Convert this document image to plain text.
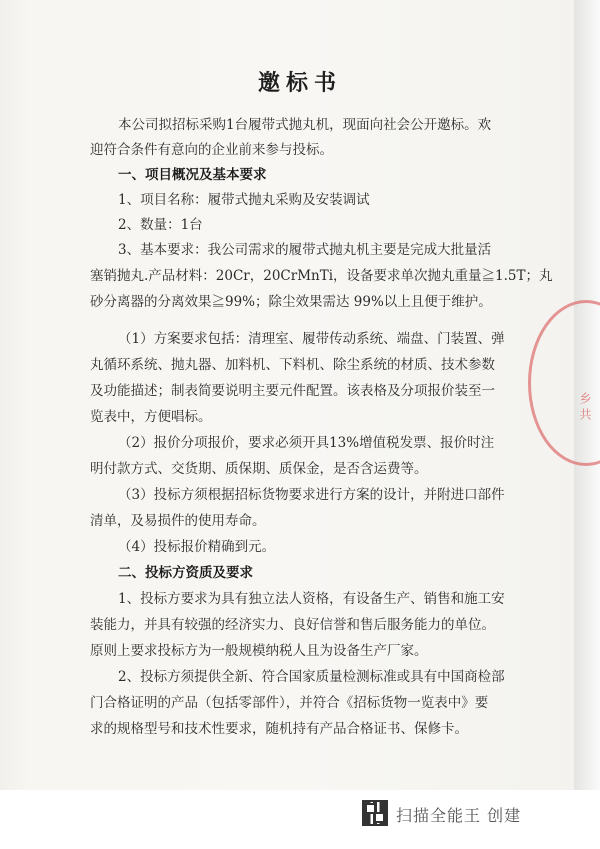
邀标书
本公司拟招标采购1台履带式抛丸机，现面向社会公开邀标。欢
迎符合条件有意向的企业前来参与投标。
一、项目概况及基本要求
1、项目名称：履带式抛丸采购及安装调试
2、数量：1台
3、基本要求：我公司需求的履带式抛丸机主要是完成大批量活
塞销抛丸.产品材料：20Cr，20CrMnTi，设备要求单次抛丸重量≧1.5T；丸
砂分离器的分离效果≧99%；除尘效果需达 99%以上且便于维护。
（1）方案要求包括：清理室、履带传动系统、端盘、门装置、弹
丸循环系统、抛丸器、加料机、下料机、除尘系统的材质、技术参数
及功能描述；制表简要说明主要元件配置。该表格及分项报价装至一
览表中，方便唱标。
（2）报价分项报价，要求必须开具13%增值税发票、报价时注
明付款方式、交货期、质保期、质保金，是否含运费等。
（3）投标方须根据招标货物要求进行方案的设计，并附进口部件
清单，及易损件的使用寿命。
（4）投标报价精确到元。
二、投标方资质及要求
1、投标方要求为具有独立法人资格，有设备生产、销售和施工安
装能力，并具有较强的经济实力、良好信誉和售后服务能力的单位。
原则上要求投标方为一般规模纳税人且为设备生产厂家。
2、投标方须提供全新、符合国家质量检测标准或具有中国商检部
门合格证明的产品（包括零部件），并符合《招标货物一览表中》要
求的规格型号和技术性要求，随机持有产品合格证书、保修卡。
乡 共
扫描全能王 创建
